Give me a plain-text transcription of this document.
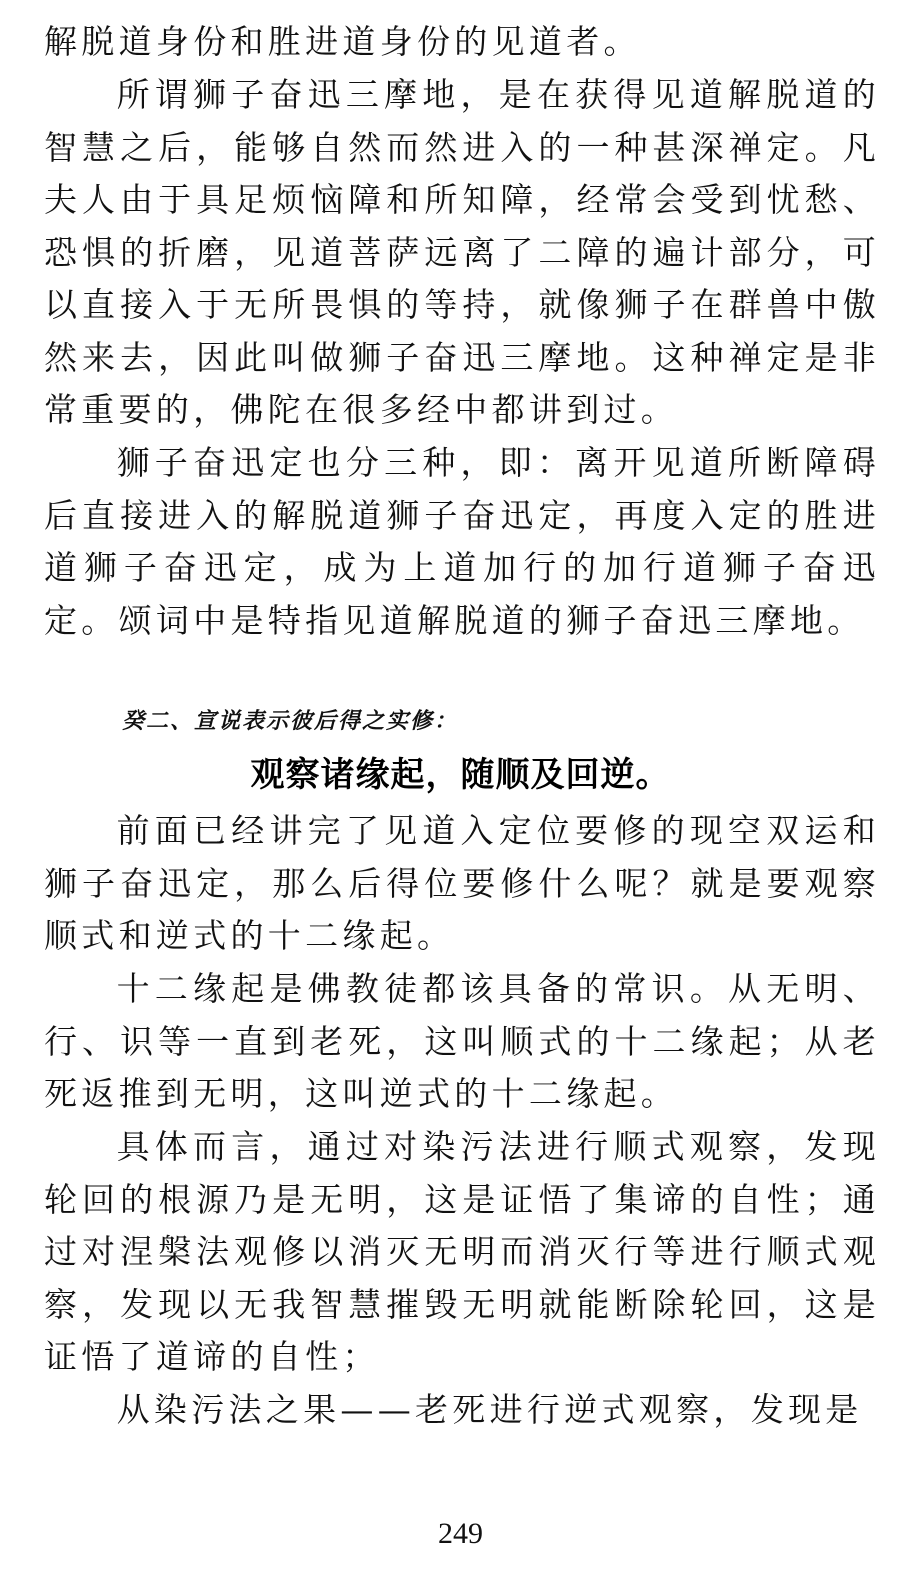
解脱道身份和胜进道身份的见道者。

所谓狮子奋迅三摩地，是在获得见道解脱道的智慧之后，能够自然而然进入的一种甚深禅定。凡夫人由于具足烦恼障和所知障，经常会受到忧愁、恐惧的折磨，见道菩萨远离了二障的遍计部分，可以直接入于无所畏惧的等持，就像狮子在群兽中傲然来去，因此叫做狮子奋迅三摩地。这种禅定是非常重要的，佛陀在很多经中都讲到过。

狮子奋迅定也分三种，即：离开见道所断障碍后直接进入的解脱道狮子奋迅定，再度入定的胜进道狮子奋迅定，成为上道加行的加行道狮子奋迅定。颂词中是特指见道解脱道的狮子奋迅三摩地。

癸二、宣说表示彼后得之实修：
观察诸缘起，随顺及回逆。

前面已经讲完了见道入定位要修的现空双运和狮子奋迅定，那么后得位要修什么呢？就是要观察顺式和逆式的十二缘起。

十二缘起是佛教徒都该具备的常识。从无明、行、识等一直到老死，这叫顺式的十二缘起；从老死返推到无明，这叫逆式的十二缘起。

具体而言，通过对染污法进行顺式观察，发现轮回的根源乃是无明，这是证悟了集谛的自性；通过对涅槃法观修以消灭无明而消灭行等进行顺式观察，发现以无我智慧摧毁无明就能断除轮回，这是证悟了道谛的自性；

从染污法之果——老死进行逆式观察，发现是

249
